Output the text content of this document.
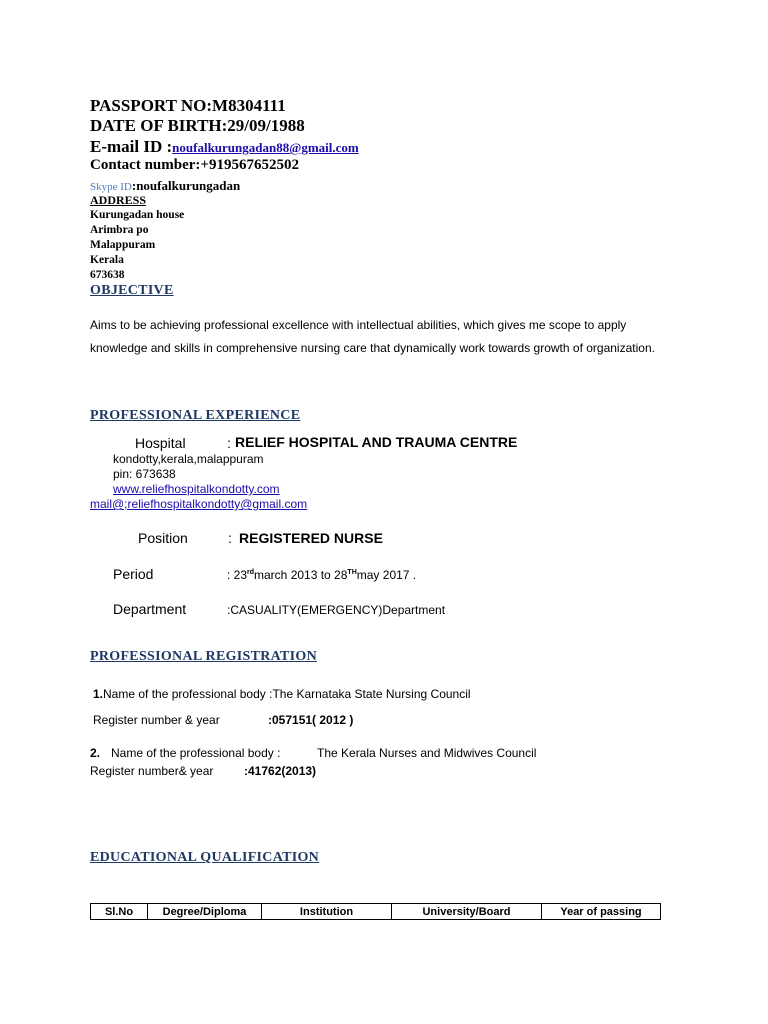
PASSPORT NO:M8304111
DATE OF BIRTH:29/09/1988
E-mail ID :noufalkurungadan88@gmail.com
Contact number:+919567652502
Skype ID:noufalkurungadan
ADDRESS
Kurungadan house
Arimbra po
Malappuram
Kerala
673638
OBJECTIVE
Aims to be achieving professional excellence with intellectual abilities, which gives me scope to apply knowledge and skills in comprehensive nursing care that dynamically work towards growth of organization.
PROFESSIONAL EXPERIENCE
Hospital	: RELIEF HOSPITAL AND TRAUMA CENTRE
kondotty,kerala,malappuram
pin: 673638
www.reliefhospitalkondotty.com
mail@;reliefhospitalkondotty@gmail.com
Position	: REGISTERED NURSE
Period	: 23rdmarch 2013 to 28THmay 2017 .
Department	:CASUALITY(EMERGENCY)Department
PROFESSIONAL REGISTRATION
1.Name of the professional body :The Karnataka State Nursing Council
Register number & year	:057151( 2012 )
2. Name of the professional body :	The Kerala Nurses and Midwives Council
Register number& year	:41762(2013)
EDUCATIONAL QUALIFICATION
Sl.No	Degree/Diploma	Institution	University/Board	Year of passing
